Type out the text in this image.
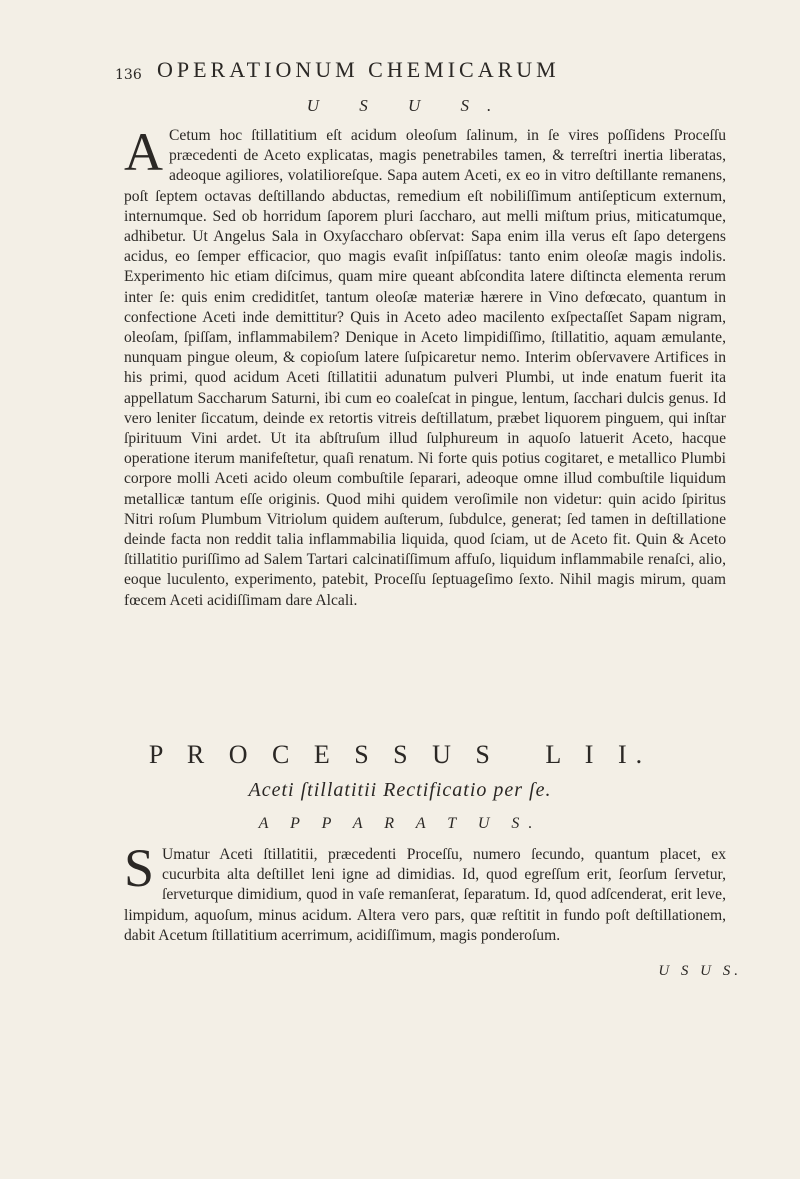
136 OPERATIONUM CHEMICARUM
U S U S.

A Cetum hoc ſtillatitium eſt acidum oleoſum ſalinum, in ſe vires poſſidens Proceſſu præcedenti de Aceto explicatas, magis penetrabiles tamen, & terreſtri inertia liberatas, adeoque agiliores, volatilioreſque. Sapa autem Aceti, ex eo in vitro deſtillante remanens, poſt ſeptem octavas deſtillando abductas, remedium eſt nobiliſſimum antiſepticum externum, internumque. Sed ob horridum ſaporem pluri ſaccharo, aut melli miſtum prius, miticatumque, adhibetur. Ut Angelus Sala in Oxyſaccharo obſervat: Sapa enim illa verus eſt ſapo detergens acidus, eo ſemper efficacior, quo magis evaſit inſpiſſatus: tanto enim oleoſæ magis indolis. Experimento hic etiam diſcimus, quam mire queant abſcondita latere diſtincta elementa rerum inter ſe: quis enim crediditſet, tantum oleoſæ materiæ hærere in Vino defœcato, quantum in confectione Aceti inde demittitur? Quis in Aceto adeo macilento exſpectaſſet Sapam nigram, oleoſam, ſpiſſam, inflammabilem? Denique in Aceto limpidiſſimo, ſtillatitio, aquam æmulante, nunquam pingue oleum, & copioſum latere ſuſpicaretur nemo. Interim obſervavere Artifices in his primi, quod acidum Aceti ſtillatitii adunatum pulveri Plumbi, ut inde enatum fuerit ita appellatum Saccharum Saturni, ibi cum eo coaleſcat in pingue, lentum, ſacchari dulcis genus. Id vero leniter ſiccatum, deinde ex retortis vitreis deſtillatum, præbet liquorem pinguem, qui inſtar ſpirituum Vini ardet. Ut ita abſtruſum illud ſulphureum in aquoſo latuerit Aceto, hacque operatione iterum manifeſtetur, quaſi renatum. Ni forte quis potius cogitaret, e metallico Plumbi corpore molli Aceti acido oleum combuſtile ſeparari, adeoque omne illud combuſtile liquidum metallicæ tantum eſſe originis. Quod mihi quidem veroſimile non videtur: quin acido ſpiritus Nitri roſum Plumbum Vitriolum quidem auſterum, ſubdulce, generat; ſed tamen in deſtillatione deinde facta non reddit talia inflammabilia liquida, quod ſciam, ut de Aceto fit. Quin & Aceto ſtillatitio puriſſimo ad Salem Tartari calcinatiſſimum affuſo, liquidum inflammabile renaſci, alio, eoque luculento, experimento, patebit, Proceſſu ſeptuageſimo ſexto. Nihil magis mirum, quam fœcem Aceti acidiſſimam dare Alcali.

P R O C E S S U S   L I I.
Aceti ſtillatitii Rectificatio per ſe.
A P P A R A T U S.

S Umatur Aceti ſtillatitii, præcedenti Proceſſu, numero ſecundo, quantum placet, ex cucurbita alta deſtillet leni igne ad dimidias. Id, quod egreſſum erit, ſeorſum ſervetur, ſerveturque dimidium, quod in vaſe remanſerat, ſeparatum. Id, quod adſcenderat, erit leve, limpidum, aquoſum, minus acidum. Altera vero pars, quæ reſtitit in fundo poſt deſtillationem, dabit Acetum ſtillatitium acerrimum, acidiſſimum, magis ponderoſum.

U S U S.
